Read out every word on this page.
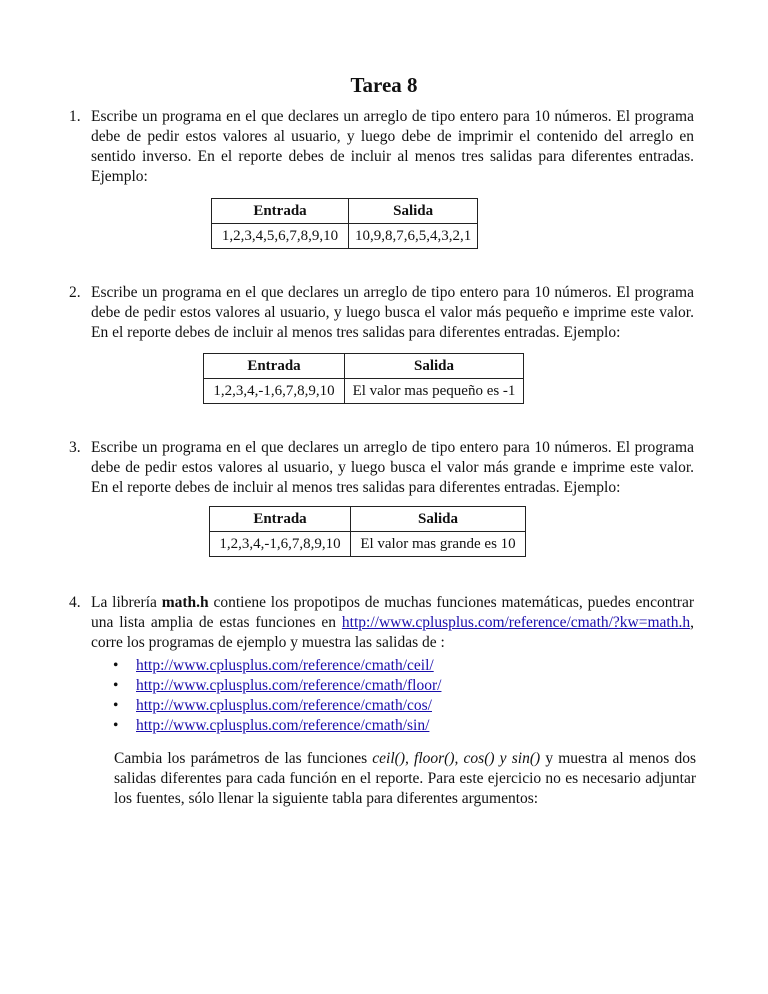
Tarea 8
1. Escribe un programa en el que declares un arreglo de tipo entero para 10 números. El programa debe de pedir estos valores al usuario, y luego debe de imprimir el contenido del arreglo en sentido inverso. En el reporte debes de incluir al menos tres salidas para diferentes entradas. Ejemplo:
Entrada	Salida
1,2,3,4,5,6,7,8,9,10	10,9,8,7,6,5,4,3,2,1
2. Escribe un programa en el que declares un arreglo de tipo entero para 10 números. El programa debe de pedir estos valores al usuario, y luego busca el valor más pequeño e imprime este valor. En el reporte debes de incluir al menos tres salidas para diferentes entradas. Ejemplo:
Entrada	Salida
1,2,3,4,-1,6,7,8,9,10	El valor mas pequeño es -1
3. Escribe un programa en el que declares un arreglo de tipo entero para 10 números. El programa debe de pedir estos valores al usuario, y luego busca el valor más grande e imprime este valor. En el reporte debes de incluir al menos tres salidas para diferentes entradas. Ejemplo:
Entrada	Salida
1,2,3,4,-1,6,7,8,9,10	El valor mas grande es 10
4. La librería math.h contiene los propotipos de muchas funciones matemáticas, puedes encontrar una lista amplia de estas funciones en http://www.cplusplus.com/reference/cmath/?kw=math.h, corre los programas de ejemplo y muestra las salidas de :
• http://www.cplusplus.com/reference/cmath/ceil/
• http://www.cplusplus.com/reference/cmath/floor/
• http://www.cplusplus.com/reference/cmath/cos/
• http://www.cplusplus.com/reference/cmath/sin/
Cambia los parámetros de las funciones ceil(), floor(), cos() y sin() y muestra al menos dos salidas diferentes para cada función en el reporte. Para este ejercicio no es necesario adjuntar los fuentes, sólo llenar la siguiente tabla para diferentes argumentos:
